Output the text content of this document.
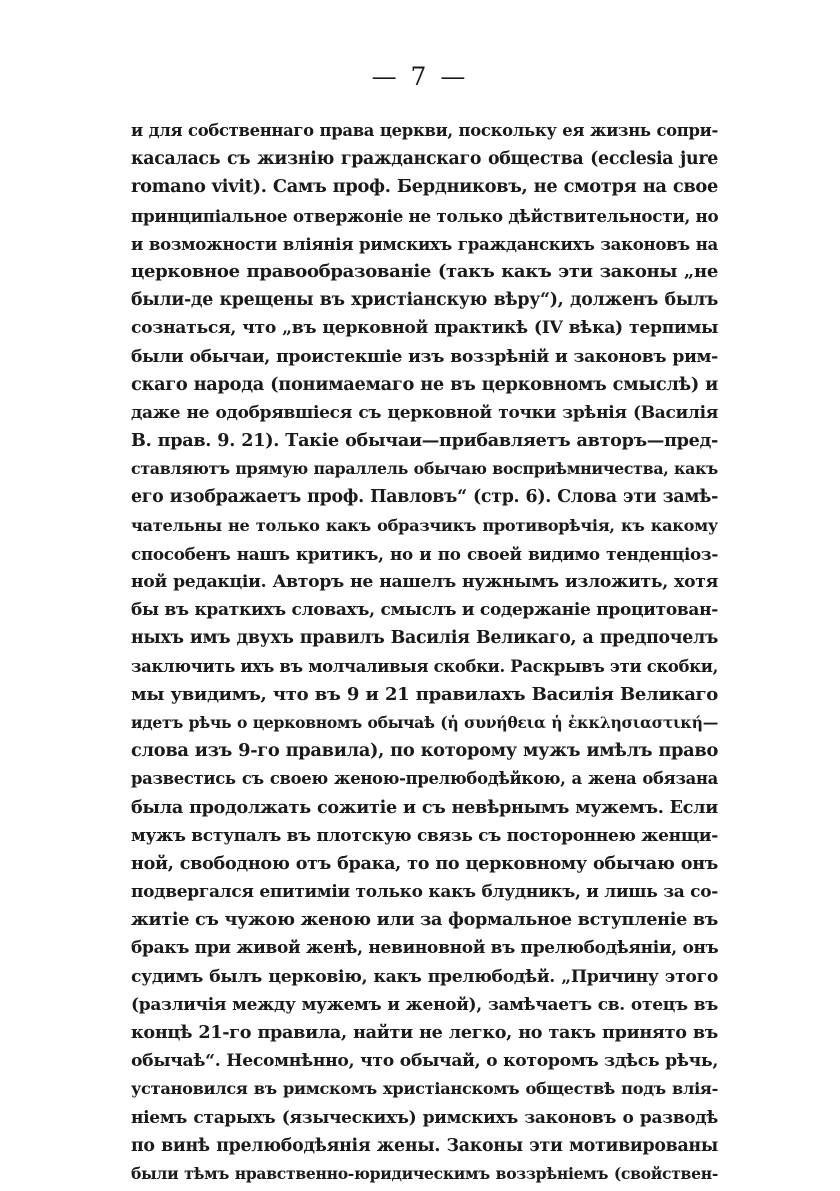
— 7 —
и для собственнаго права церкви, поскольку ея жизнь сопри-
касалась съ жизнію гражданскаго общества (ecclesia jure
romano vivit). Самъ проф. Бердниковъ, не смотря на свое
принципіальное отвержоніе не только дѣйствительности, но
и возможности вліянія римскихъ гражданскихъ законовъ на
церковное правообразованіе (такъ какъ эти законы „не
были-де крещены въ христіанскую вѣру“), долженъ былъ
сознаться, что „въ церковной практикѣ (IV вѣка) терпимы
были обычаи, проистекшіе изъ воззрѣній и законовъ рим-
скаго народа (понимаемаго не въ церковномъ смыслѣ) и
даже не одобрявшіеся съ церковной точки зрѣнія (Василія
В. прав. 9. 21). Такіе обычаи—прибавляетъ авторъ—пред-
ставляютъ прямую параллель обычаю восприѣмничества, какъ
его изображаетъ проф. Павловъ“ (стр. 6). Слова эти замѣ-
чательны не только какъ образчикъ противорѣчія, къ какому
способенъ нашъ критикъ, но и по своей видимо тенденціоз-
ной редакціи. Авторъ не нашелъ нужнымъ изложить, хотя
бы въ краткихъ словахъ, смыслъ и содержаніе процитован-
ныхъ имъ двухъ правилъ Василія Великаго, а предпочелъ
заключить ихъ въ молчаливыя скобки. Раскрывъ эти скобки,
мы увидимъ, что въ 9 и 21 правилахъ Василія Великаго
идетъ рѣчь о церковномъ обычаѣ (ἡ συνήθεια ἡ ἐκκλησιαστική—
слова изъ 9-го правила), по которому мужъ имѣлъ право
развестись съ своею женою-прелюбодѣйкою, а жена обязана
была продолжать сожитіе и съ невѣрнымъ мужемъ. Если
мужъ вступалъ въ плотскую связь съ постороннею женщи-
ной, свободною отъ брака, то по церковному обычаю онъ
подвергался епитиміи только какъ блудникъ, и лишь за со-
житіе съ чужою женою или за формальное вступленіе въ
бракъ при живой женѣ, невиновной въ прелюбодѣяніи, онъ
судимъ былъ церковію, какъ прелюбодѣй. „Причину этого
(различія между мужемъ и женой), замѣчаетъ св. отецъ въ
концѣ 21-го правила, найти не легко, но такъ принято въ
обычаѣ“. Несомнѣнно, что обычай, о которомъ здѣсь рѣчь,
установился въ римскомъ христіанскомъ обществѣ подъ влія-
ніемъ старыхъ (языческихъ) римскихъ законовъ о разводѣ
по винѣ прелюбодѣянія жены. Законы эти мотивированы
были тѣмъ нравственно-юридическимъ воззрѣніемъ (свойствен-
